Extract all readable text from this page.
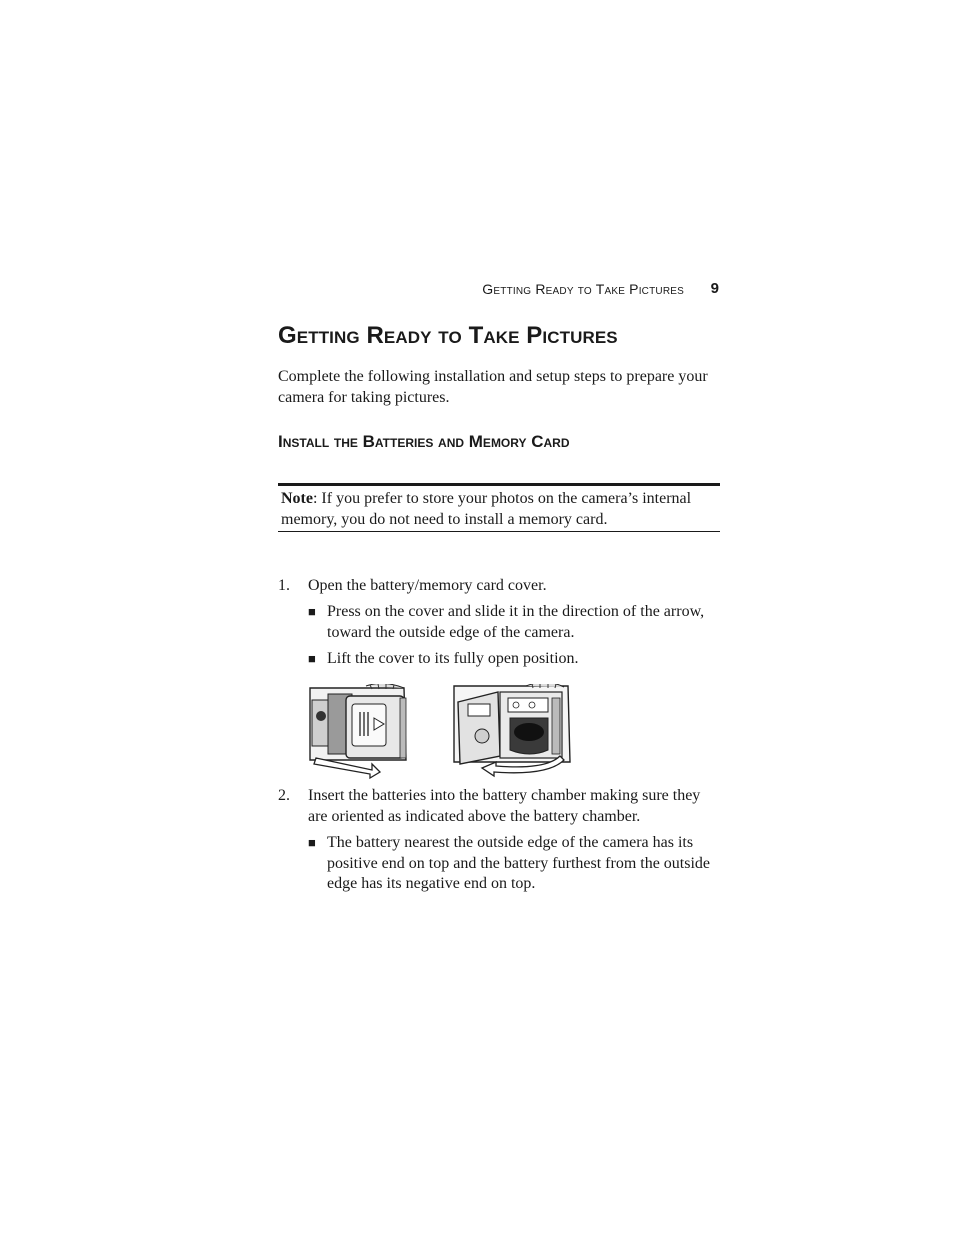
Getting Ready to Take Pictures 9
Getting Ready to Take Pictures

Complete the following installation and setup steps to prepare your camera for taking pictures.

Install the Batteries and Memory Card

Note: If you prefer to store your photos on the camera’s internal memory, you do not need to install a memory card.

1. Open the battery/memory card cover.
■ Press on the cover and slide it in the direction of the arrow, toward the outside edge of the camera.
■ Lift the cover to its fully open position.
2. Insert the batteries into the battery chamber making sure they are oriented as indicated above the battery chamber.
■ The battery nearest the outside edge of the camera has its positive end on top and the battery furthest from the outside edge has its negative end on top.
